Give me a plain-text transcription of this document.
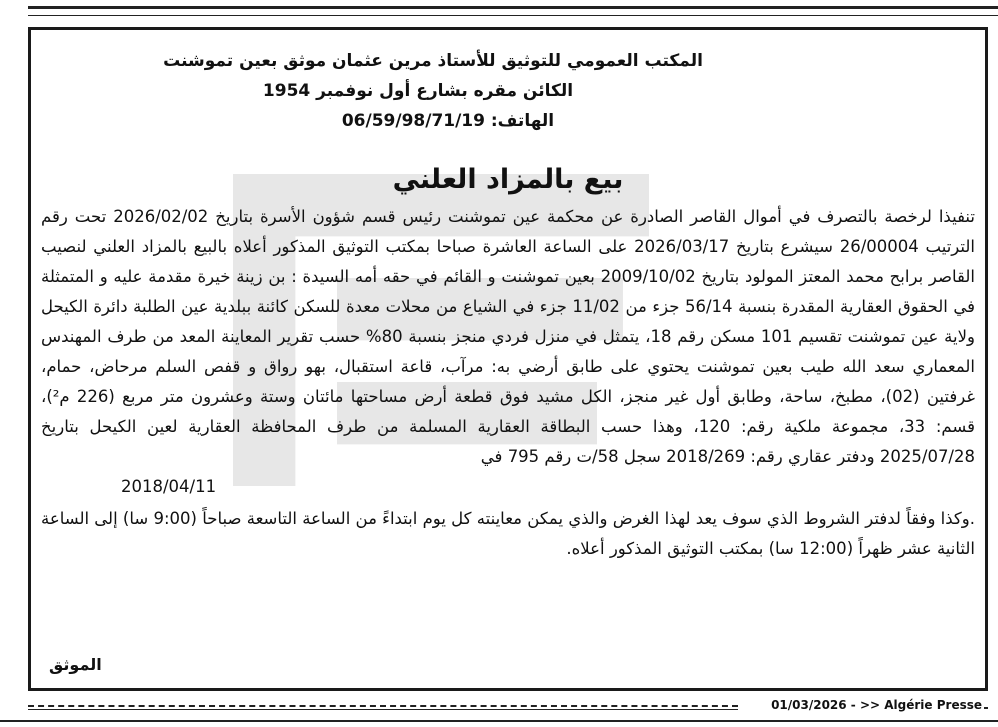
المكتب العمومي للتوثيق للأستاذ مرين عثمان موثق بعين تموشنت
الكائن مقره بشارع أول نوفمبر 1954
الهاتف: 06/59/98/71/19
بيع بالمزاد العلني

تنفيذا لرخصة بالتصرف في أموال القاصر الصادرة عن محكمة عين تموشنت رئيس قسم شؤون الأسرة بتاريخ 2026/02/02 تحت رقم الترتيب 26/00004 سيشرع بتاريخ 2026/03/17 على الساعة العاشرة صباحا بمكتب التوثيق المذكور أعلاه بالبيع بالمزاد العلني لنصيب القاصر برابح محمد المعتز المولود بتاريخ 2009/10/02 بعين تموشنت و القائم في حقه أمه السيدة : بن زينة خيرة مقدمة عليه و المتمثلة في الحقوق العقارية المقدرة بنسبة 56/14 جزء من 11/02 جزء في الشياع من محلات معدة للسكن كائنة ببلدية عين الطلبة دائرة الكيحل ولاية عين تموشنت تقسيم 101 مسكن رقم 18، يتمثل في منزل فردي منجز بنسبة 80% حسب تقرير المعاينة المعد من طرف المهندس المعماري سعد الله طيب بعين تموشنت يحتوي على طابق أرضي به: مرآب، قاعة استقبال، بهو رواق و قفص السلم مرحاض، حمام، غرفتين (02)، مطبخ، ساحة، وطابق أول غير منجز، الكل مشيد فوق قطعة أرض مساحتها مائتان وستة وعشرون متر مربع (226 م²)، قسم: 33، مجموعة ملكية رقم: 120، وهذا حسب البطاقة العقارية المسلمة من طرف المحافظة العقارية لعين الكيحل بتاريخ 2025/07/28 ودفتر عقاري رقم: 2018/269 سجل 58/ت رقم 795 في

2018/04/11

.وكذا وفقاً لدفتر الشروط الذي سوف يعد لهذا الغرض والذي يمكن معاينته كل يوم ابتداءً من الساعة التاسعة صباحاً (9:00 سا) إلى الساعة الثانية عشر ظهراً (12:00 سا) بمكتب التوثيق المذكور أعلاه.

الموثق
01/03/2026 - >> Algérie Presse
